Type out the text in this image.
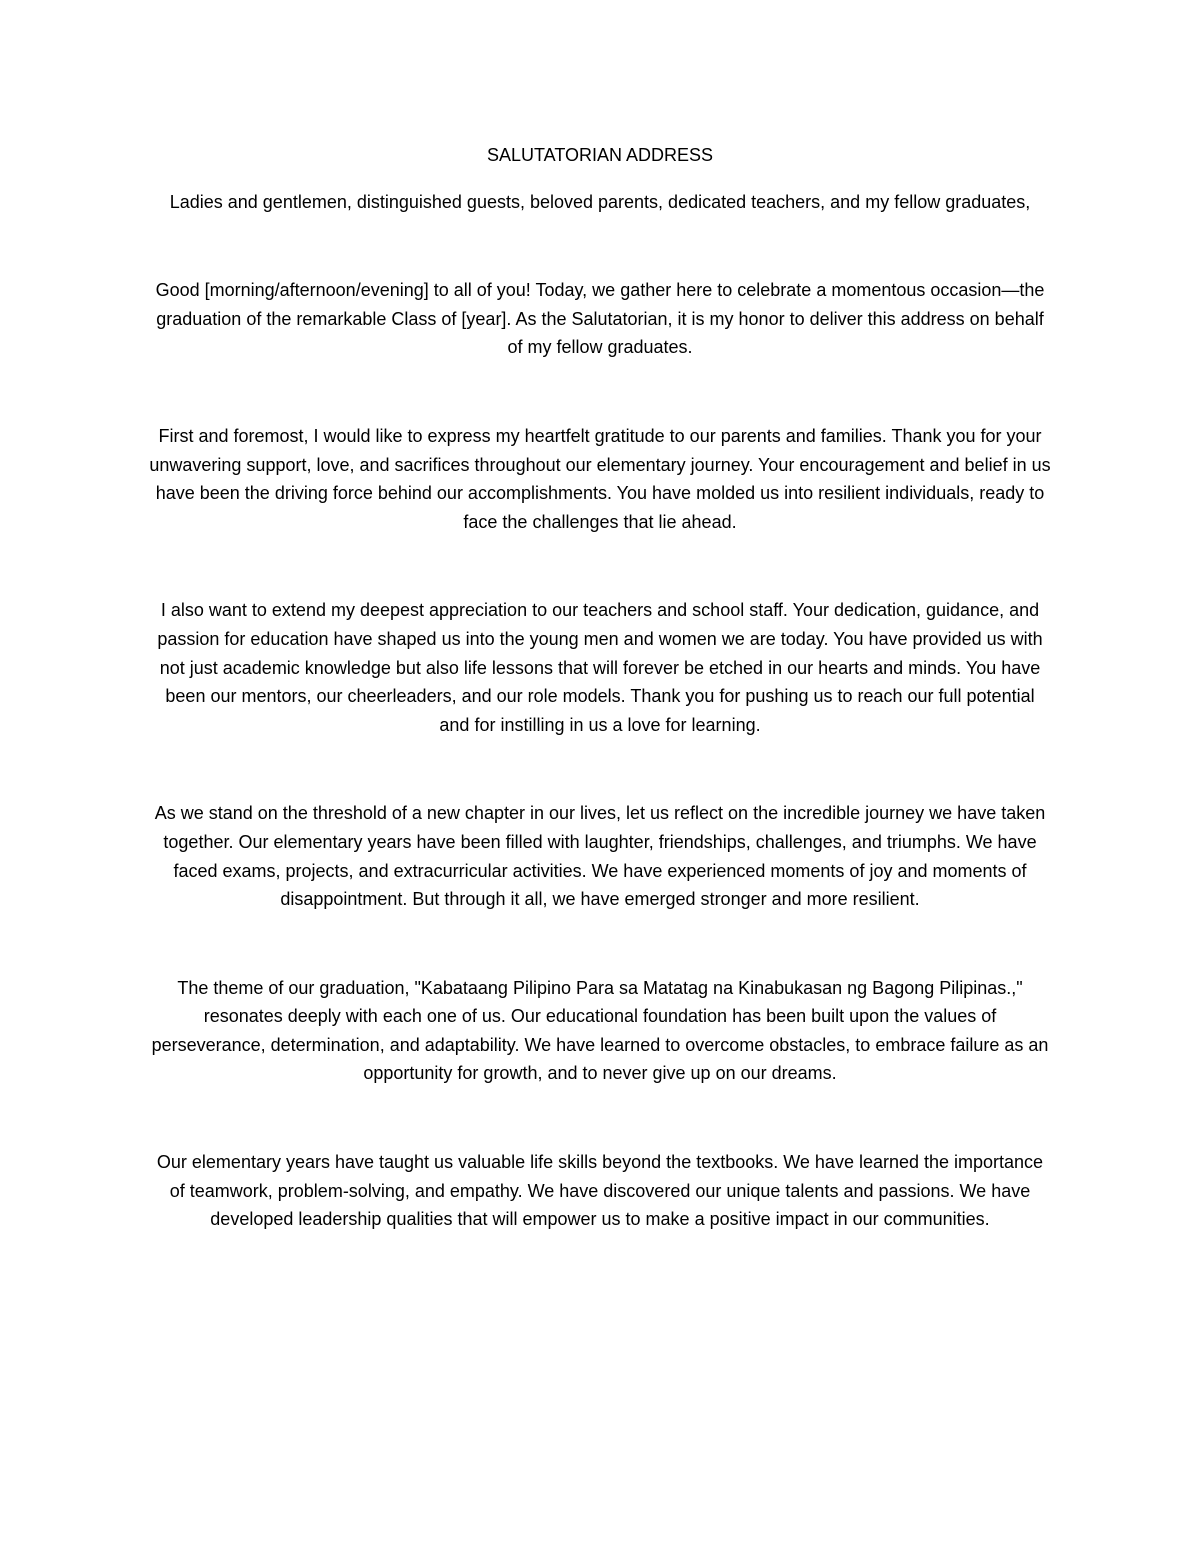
SALUTATORIAN ADDRESS

Ladies and gentlemen, distinguished guests, beloved parents, dedicated teachers, and my fellow graduates,

Good [morning/afternoon/evening] to all of you! Today, we gather here to celebrate a momentous occasion—the graduation of the remarkable Class of [year]. As the Salutatorian, it is my honor to deliver this address on behalf of my fellow graduates.

First and foremost, I would like to express my heartfelt gratitude to our parents and families. Thank you for your unwavering support, love, and sacrifices throughout our elementary journey. Your encouragement and belief in us have been the driving force behind our accomplishments. You have molded us into resilient individuals, ready to face the challenges that lie ahead.

I also want to extend my deepest appreciation to our teachers and school staff. Your dedication, guidance, and passion for education have shaped us into the young men and women we are today. You have provided us with not just academic knowledge but also life lessons that will forever be etched in our hearts and minds. You have been our mentors, our cheerleaders, and our role models. Thank you for pushing us to reach our full potential and for instilling in us a love for learning.

As we stand on the threshold of a new chapter in our lives, let us reflect on the incredible journey we have taken together. Our elementary years have been filled with laughter, friendships, challenges, and triumphs. We have faced exams, projects, and extracurricular activities. We have experienced moments of joy and moments of disappointment. But through it all, we have emerged stronger and more resilient.

The theme of our graduation, "Kabataang Pilipino Para sa Matatag na Kinabukasan ng Bagong Pilipinas.," resonates deeply with each one of us. Our educational foundation has been built upon the values of perseverance, determination, and adaptability. We have learned to overcome obstacles, to embrace failure as an opportunity for growth, and to never give up on our dreams.

Our elementary years have taught us valuable life skills beyond the textbooks. We have learned the importance of teamwork, problem-solving, and empathy. We have discovered our unique talents and passions. We have developed leadership qualities that will empower us to make a positive impact in our communities.
